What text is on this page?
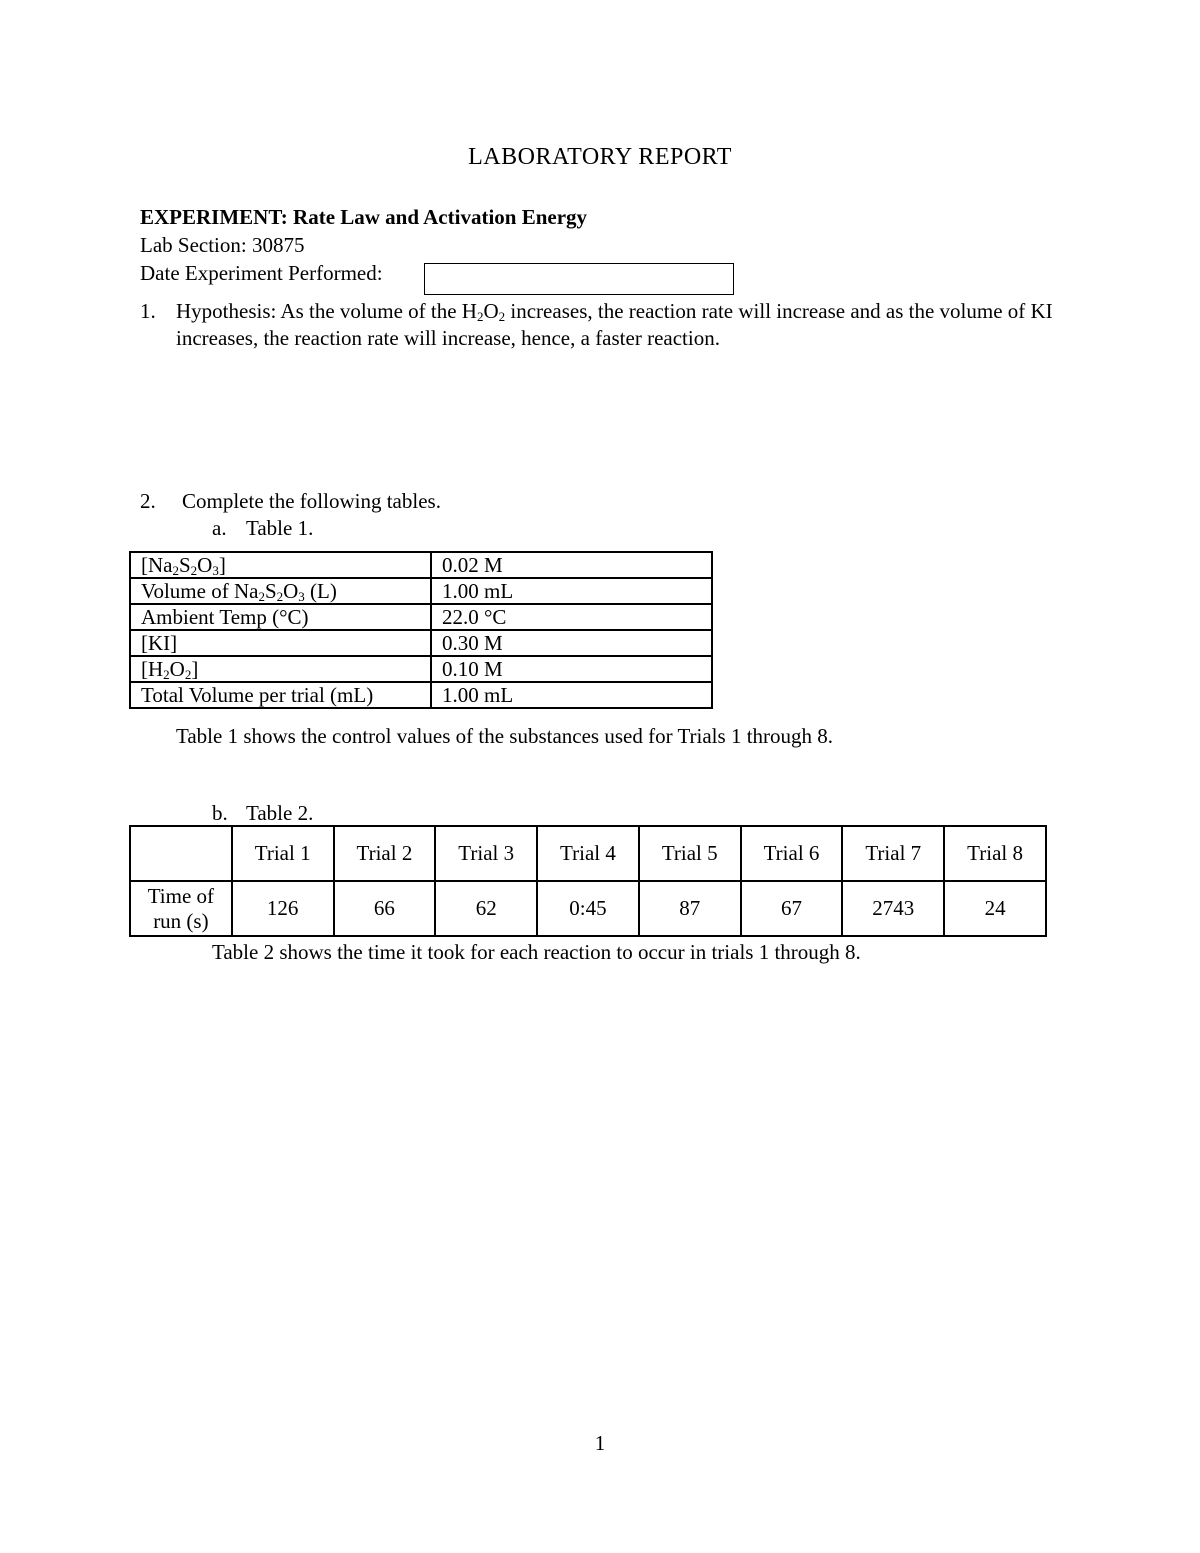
LABORATORY REPORT
EXPERIMENT: Rate Law and Activation Energy
Lab Section: 30875
Date Experiment Performed:
1. Hypothesis: As the volume of the $H_2O_2$ increases, the reaction rate will increase and as the volume of KI increases, the reaction rate will increase, hence, a faster reaction.
2. Complete the following tables.
a. Table 1.
$[Na_2S_2O_3]$	0.02 M
Volume of $Na_2S_2O_3$ (L)	1.00 mL
Ambient Temp (°C)	22.0 °C
[KI]	0.30 M
$[H_2O_2]$	0.10 M
Total Volume per trial (mL)	1.00 mL
Table 1 shows the control values of the substances used for Trials 1 through 8.
b. Table 2.
	Trial 1	Trial 2	Trial 3	Trial 4	Trial 5	Trial 6	Trial 7	Trial 8
Time of
run (s)	126	66	62	0:45	87	67	2743	24
Table 2 shows the time it took for each reaction to occur in trials 1 through 8.
1
